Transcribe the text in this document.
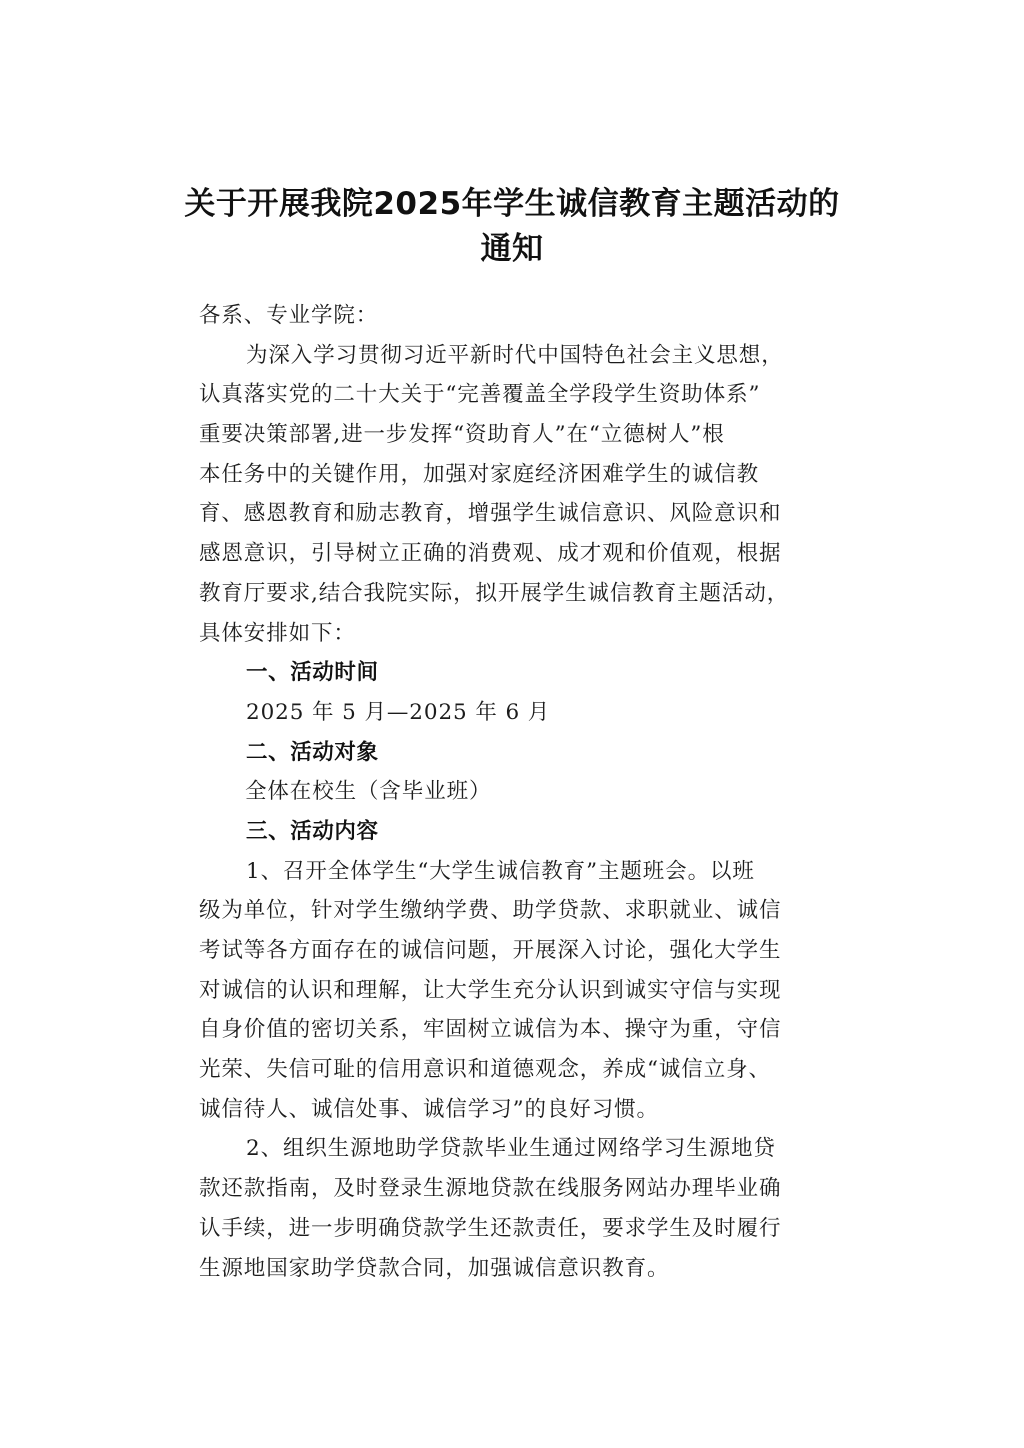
关于开展我院2025年学生诚信教育主题活动的
通知
各系、专业学院：
为深入学习贯彻习近平新时代中国特色社会主义思想，
认真落实党的二十大关于“完善覆盖全学段学生资助体系”
重要决策部署,进一步发挥“资助育人”在“立德树人”根
本任务中的关键作用，加强对家庭经济困难学生的诚信教
育、感恩教育和励志教育，增强学生诚信意识、风险意识和
感恩意识，引导树立正确的消费观、成才观和价值观，根据
教育厅要求,结合我院实际，拟开展学生诚信教育主题活动，
具体安排如下：
一、活动时间
2025 年 5 月—2025 年 6 月
二、活动对象
全体在校生（含毕业班）
三、活动内容
1、召开全体学生“大学生诚信教育”主题班会。以班
级为单位，针对学生缴纳学费、助学贷款、求职就业、诚信
考试等各方面存在的诚信问题，开展深入讨论，强化大学生
对诚信的认识和理解，让大学生充分认识到诚实守信与实现
自身价值的密切关系，牢固树立诚信为本、操守为重，守信
光荣、失信可耻的信用意识和道德观念，养成“诚信立身、
诚信待人、诚信处事、诚信学习”的良好习惯。
2、组织生源地助学贷款毕业生通过网络学习生源地贷
款还款指南，及时登录生源地贷款在线服务网站办理毕业确
认手续，进一步明确贷款学生还款责任，要求学生及时履行
生源地国家助学贷款合同，加强诚信意识教育。
